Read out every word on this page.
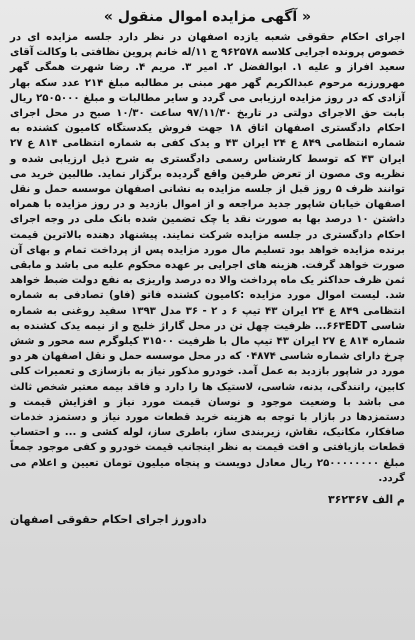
« آگهی مزایده اموال منقول »
اجرای احکام حقوقی شعبه یازده اصفهان در نظر دارد جلسه مزایده ای در خصوص پرونده اجرایی کلاسه ۹۶۲۵۷۸ ج ۱۱/له خانم پروین نظافتی با وکالت آقای سعید افراز و علیه ۱. ابوالفضل ۲. امیر ۳. مریم ۴. رضا شهرت همگی گهر مهرورزیه مرحوم عبدالکریم گهر مهر مبنی بر مطالبه مبلغ ۲۱۴ عدد سکه بهار آزادی که در روز مزایده ارزیابی می گردد و سایر مطالبات و مبلغ ۲۵۰۵۰۰۰ ریال بابت حق الاجرای دولتی در تاریخ ۹۷/۱۱/۳۰ ساعت ۱۰/۳۰ صبح در محل اجرای احکام دادگستری اصفهان اتاق ۱۸ جهت فروش یکدستگاه کامیون کشنده به شماره انتظامی ۸۴۹ ع ۲۴ ایران ۴۳ و یدک کفی به شماره انتظامی ۸۱۴ ع ۲۷ ایران ۴۳ که توسط کارشناس رسمی دادگستری به شرح ذیل ارزیابی شده و نظریه وی مصون از تعرض طرفین واقع گردیده برگزار نماید. طالبین خرید می توانند ظرف ۵ روز قبل از جلسه مزایده به نشانی اصفهان موسسه حمل و نقل اصفهان خیابان شاپور جدید مراجعه و از اموال بازدید و در روز مزایده با همراه داشتن ۱۰ درصد بها به صورت نقد یا چک تضمین شده بانک ملی در وجه اجرای احکام دادگستری در جلسه مزایده شرکت نمایند. پیشنهاد دهنده بالاترین قیمت برنده مزایده خواهد بود تسلیم مال مورد مزایده پس از پرداخت تمام و بهای آن صورت خواهد گرفت. هزینه های اجرایی بر عهده محکوم علیه می باشد و مابقی ثمن ظرف حداکثر یک ماه پرداخت والا ده درصد واریزی به نفع دولت ضبط خواهد شد. لیست اموال مورد مزایده :کامیون کشنده فاتو (فاو) تصادفی به شماره انتظامی ۸۴۹ ع ۲۴ ایران ۴۳ تیپ ۶ د ۲ - ۳۶ مدل ۱۳۹۳ سفید روغنی به شماره شاسی ۶۶۳EDT... ظرفیت چهل تن در محل گاراژ خلیج و از نیمه یدک کشنده به شماره ۸۱۴ ع ۲۷ ایران ۴۳ تیپ مال با ظرفیت ۳۱۵۰۰ کیلوگرم سه محور و شش چرخ دارای شماره شاسی ۰۴۸۷۴ که در محل موسسه حمل و نقل اصفهان هر دو مورد در شاپور بازدید به عمل آمد. خودرو مذکور نیاز به بازسازی و تعمیرات کلی کابین، رانندگی، بدنه، شاسی، لاستیک ها را دارد و فاقد بیمه معتبر شخص ثالث می باشد با وضعیت موجود و نوسان قیمت مورد نیاز و افزایش قیمت و دستمزدها در بازار با توجه به هزینه خرید قطعات مورد نیاز و دستمزد خدمات صافکار، مکانیک، نقاش، زیربندی ساز، باطری ساز، لوله کشی و ... و احتساب قطعات بازیافتی و افت قیمت به نظر اینجانب قیمت خودرو و کفی موجود جمعاً مبلغ ۲۵۰۰۰۰۰۰۰۰ ریال معادل دویست و پنجاه میلیون تومان تعیین و اعلام می گردد.
م الف ۳۶۲۳۶۷
دادورز اجرای احکام حقوقی اصفهان
